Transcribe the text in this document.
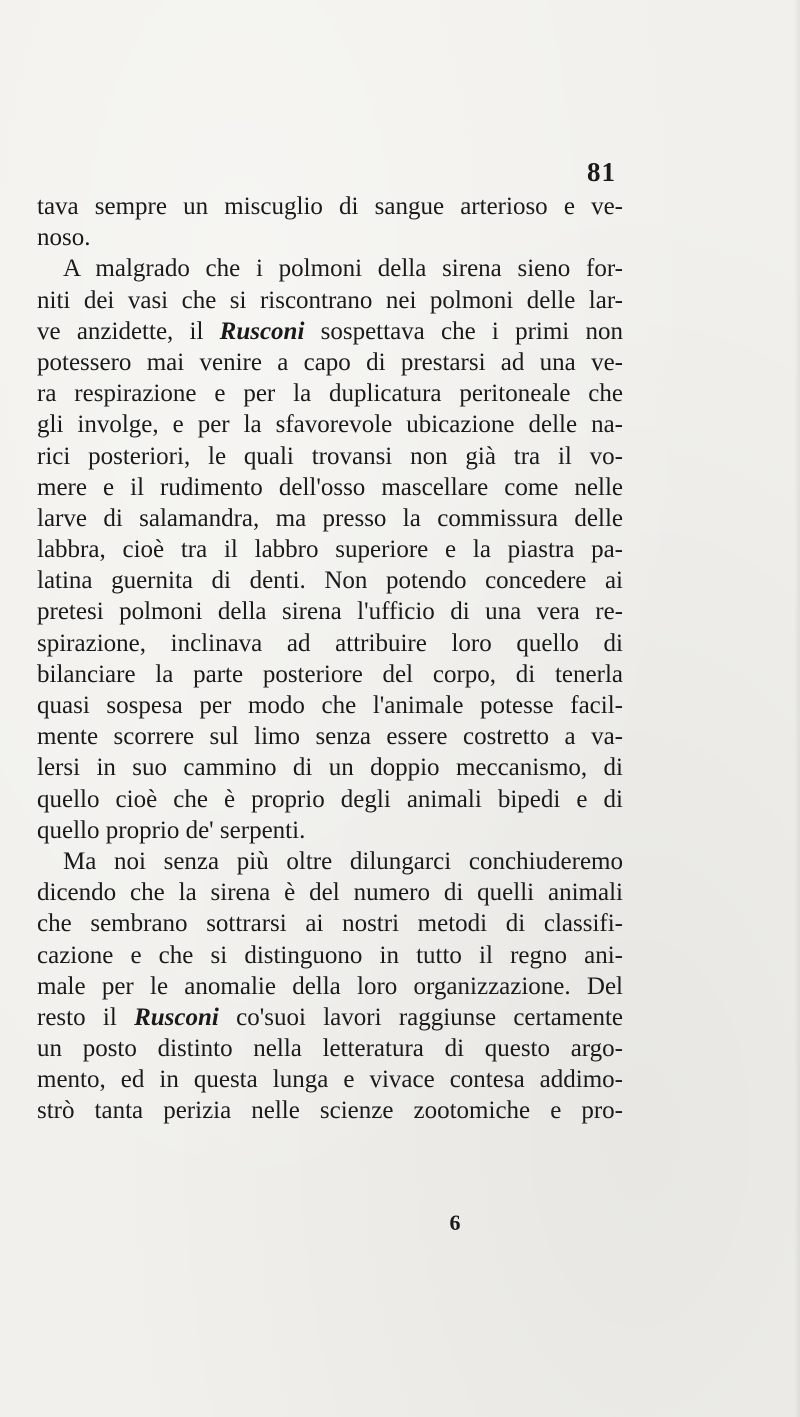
81
tava sempre un miscuglio di sangue arterioso e ve-
noso.
A malgrado che i polmoni della sirena sieno for-
niti dei vasi che si riscontrano nei polmoni delle lar-
ve anzidette, il Rusconi sospettava che i primi non
potessero mai venire a capo di prestarsi ad una ve-
ra respirazione e per la duplicatura peritoneale che
gli involge, e per la sfavorevole ubicazione delle na-
rici posteriori, le quali trovansi non già tra il vo-
mere e il rudimento dell'osso mascellare come nelle
larve di salamandra, ma presso la commissura delle
labbra, cioè tra il labbro superiore e la piastra pa-
latina guernita di denti. Non potendo concedere ai
pretesi polmoni della sirena l'ufficio di una vera re-
spirazione, inclinava ad attribuire loro quello di
bilanciare la parte posteriore del corpo, di tenerla
quasi sospesa per modo che l'animale potesse facil-
mente scorrere sul limo senza essere costretto a va-
lersi in suo cammino di un doppio meccanismo, di
quello cioè che è proprio degli animali bipedi e di
quello proprio de' serpenti.
Ma noi senza più oltre dilungarci conchiuderemo
dicendo che la sirena è del numero di quelli animali
che sembrano sottrarsi ai nostri metodi di classifi-
cazione e che si distinguono in tutto il regno ani-
male per le anomalie della loro organizzazione. Del
resto il Rusconi co'suoi lavori raggiunse certamente
un posto distinto nella letteratura di questo argo-
mento, ed in questa lunga e vivace contesa addimo-
strò tanta perizia nelle scienze zootomiche e pro-
6
